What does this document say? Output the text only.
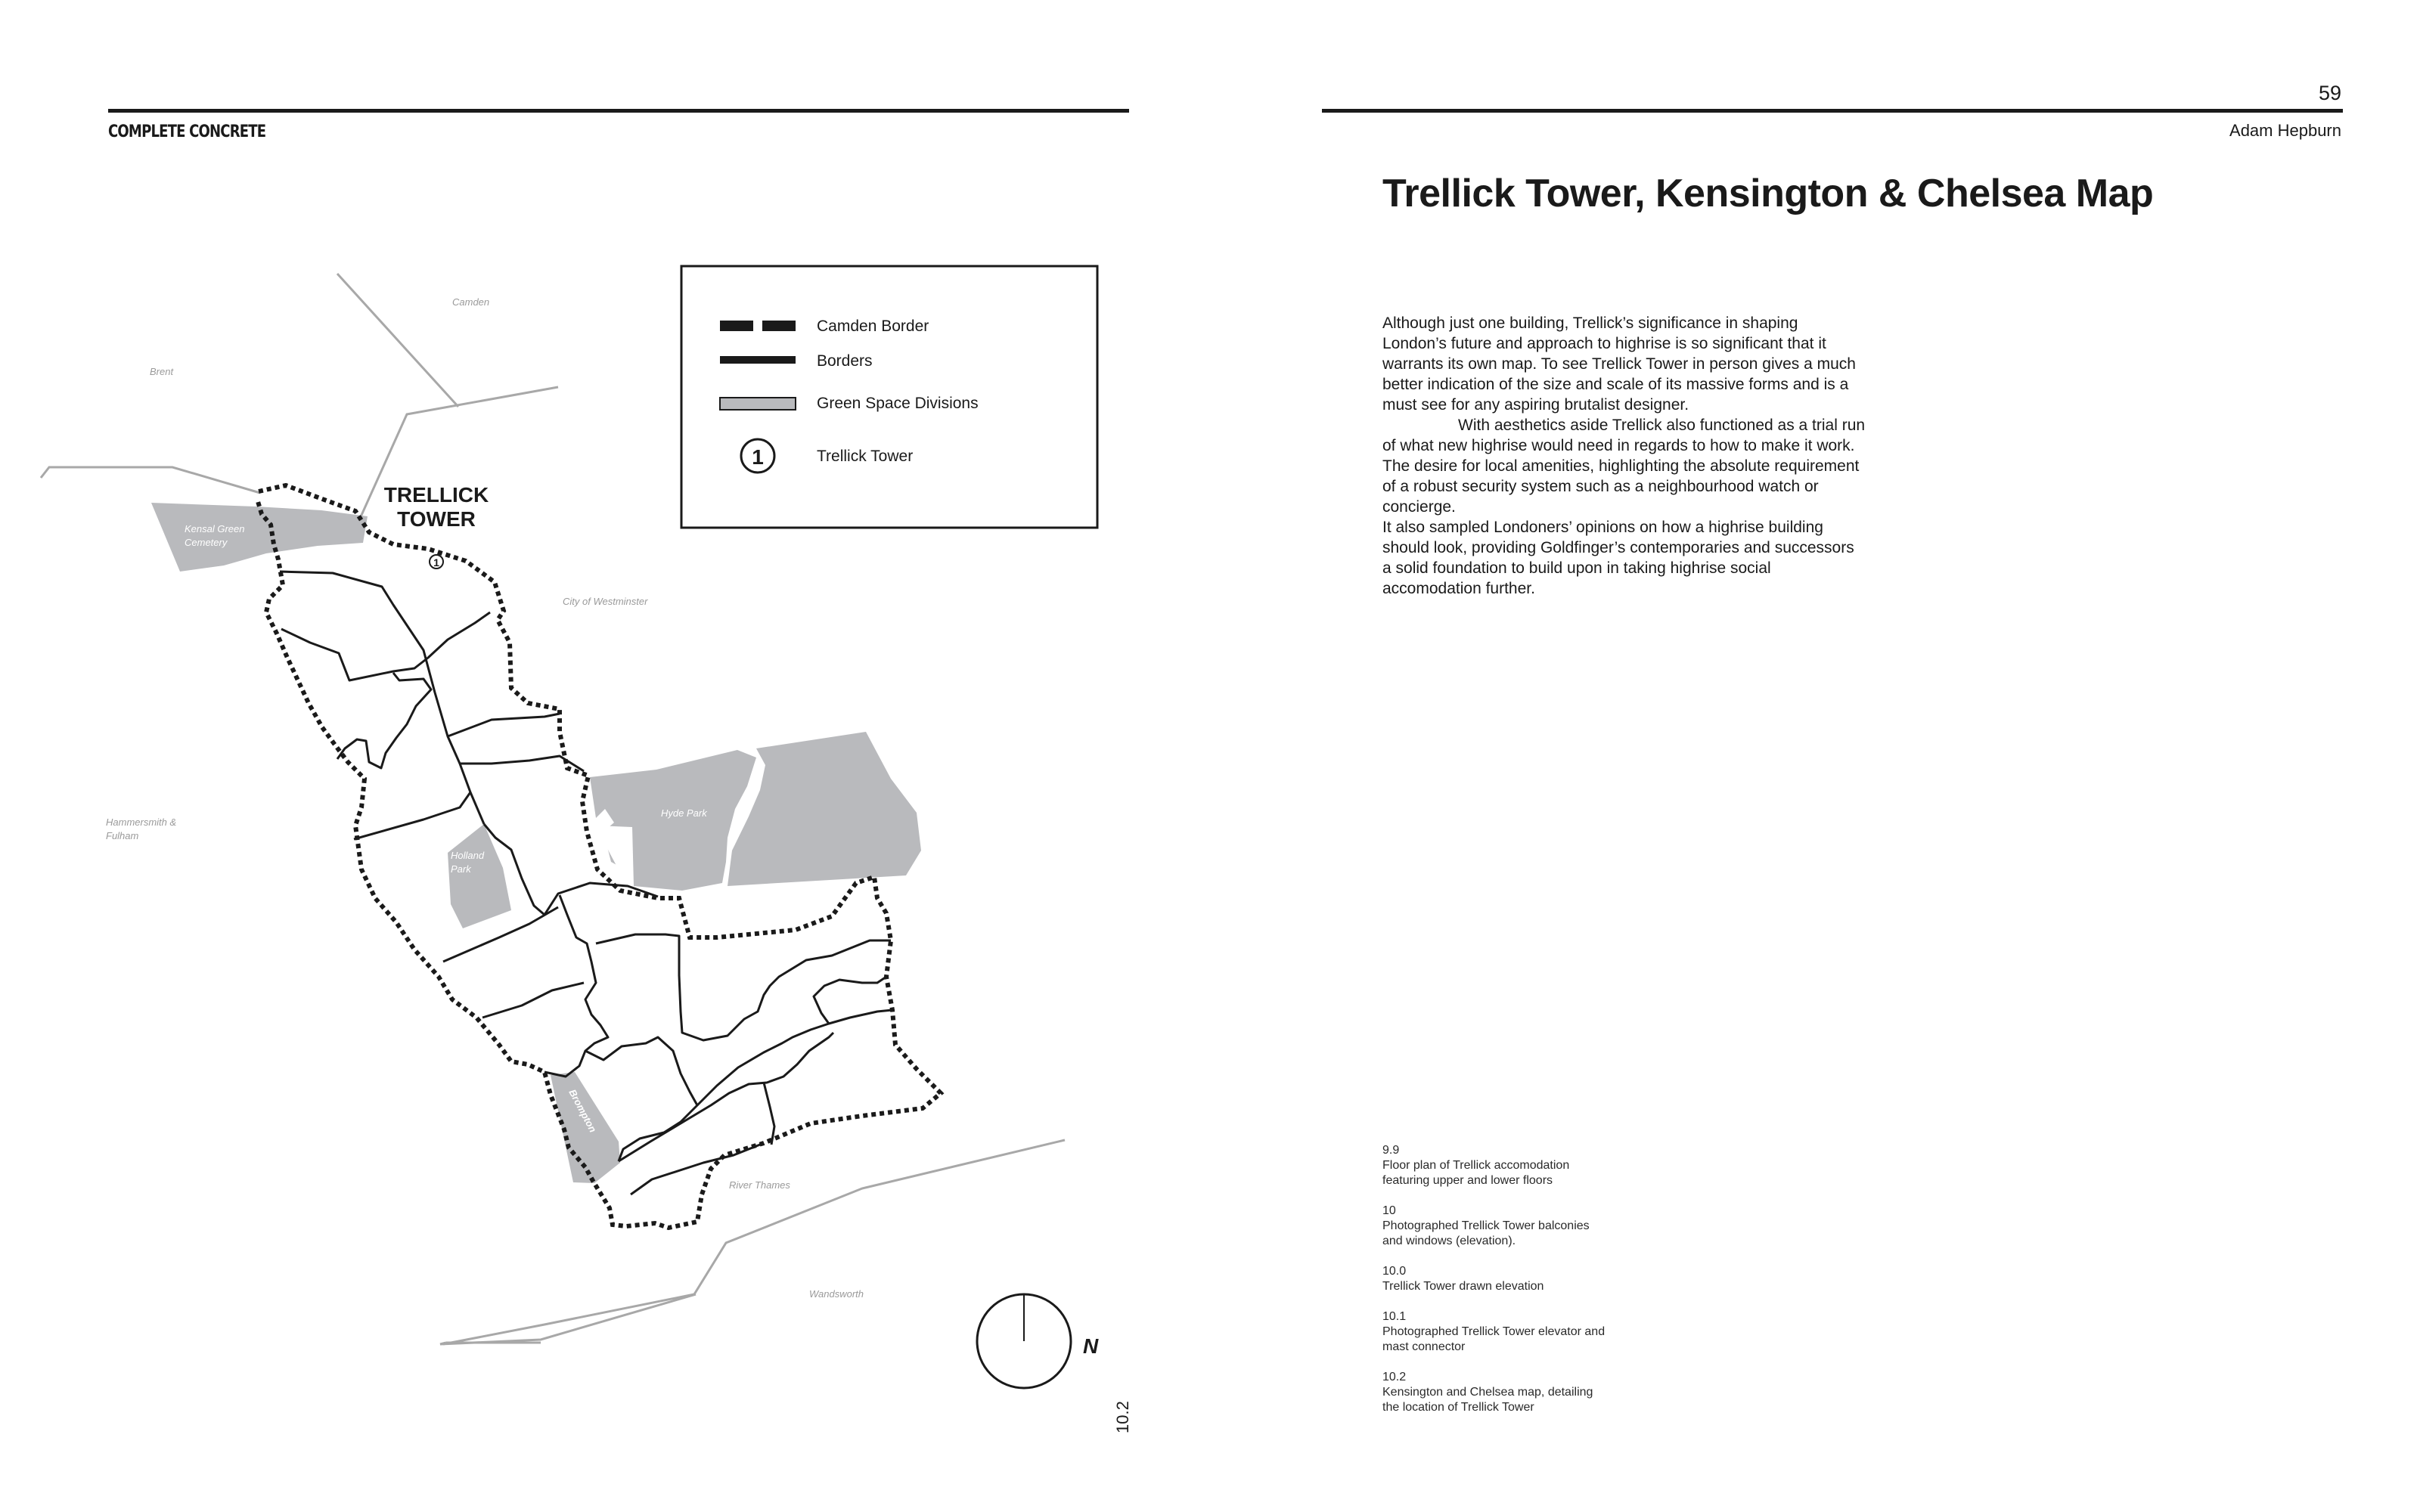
COMPLETE CONCRETE
59
Adam Hepburn
Trellick Tower, Kensington & Chelsea Map

Although just one building, Trellick’s significance in shaping London’s future and approach to highrise is so significant that it warrants its own map. To see Trellick Tower in person gives a much better indication of the size and scale of its massive forms and is a must see for any aspiring brutalist designer.

With aesthetics aside Trellick also functioned as a trial run of what new highrise would need in regards to how to make it work. The desire for local amenities, highlighting the absolute requirement of a robust security system such as a neighbourhood watch or concierge.

It also sampled Londoners’ opinions on how a highrise building should look, providing Goldfinger’s contemporaries and successors a solid foundation to build upon in taking highrise social accomodation further.

9.9
Floor plan of Trellick accomodation featuring upper and lower floors
10
Photographed Trellick Tower balconies and windows (elevation).
10.0
Trellick Tower drawn elevation
10.1
Photographed Trellick Tower elevator and mast connector
10.2
Kensington and Chelsea map, detailing the location of Trellick Tower
1
TRELLICK
TOWER
Camden
Brent
City of Westminster
Hammersmith &
Fulham
River Thames
Wandsworth
Kensal Green
Cemetery
Hyde Park
Holland
Park
Brompton
Camden Border
Borders
Green Space Divisions
1	Trellick Tower
N
10.2
